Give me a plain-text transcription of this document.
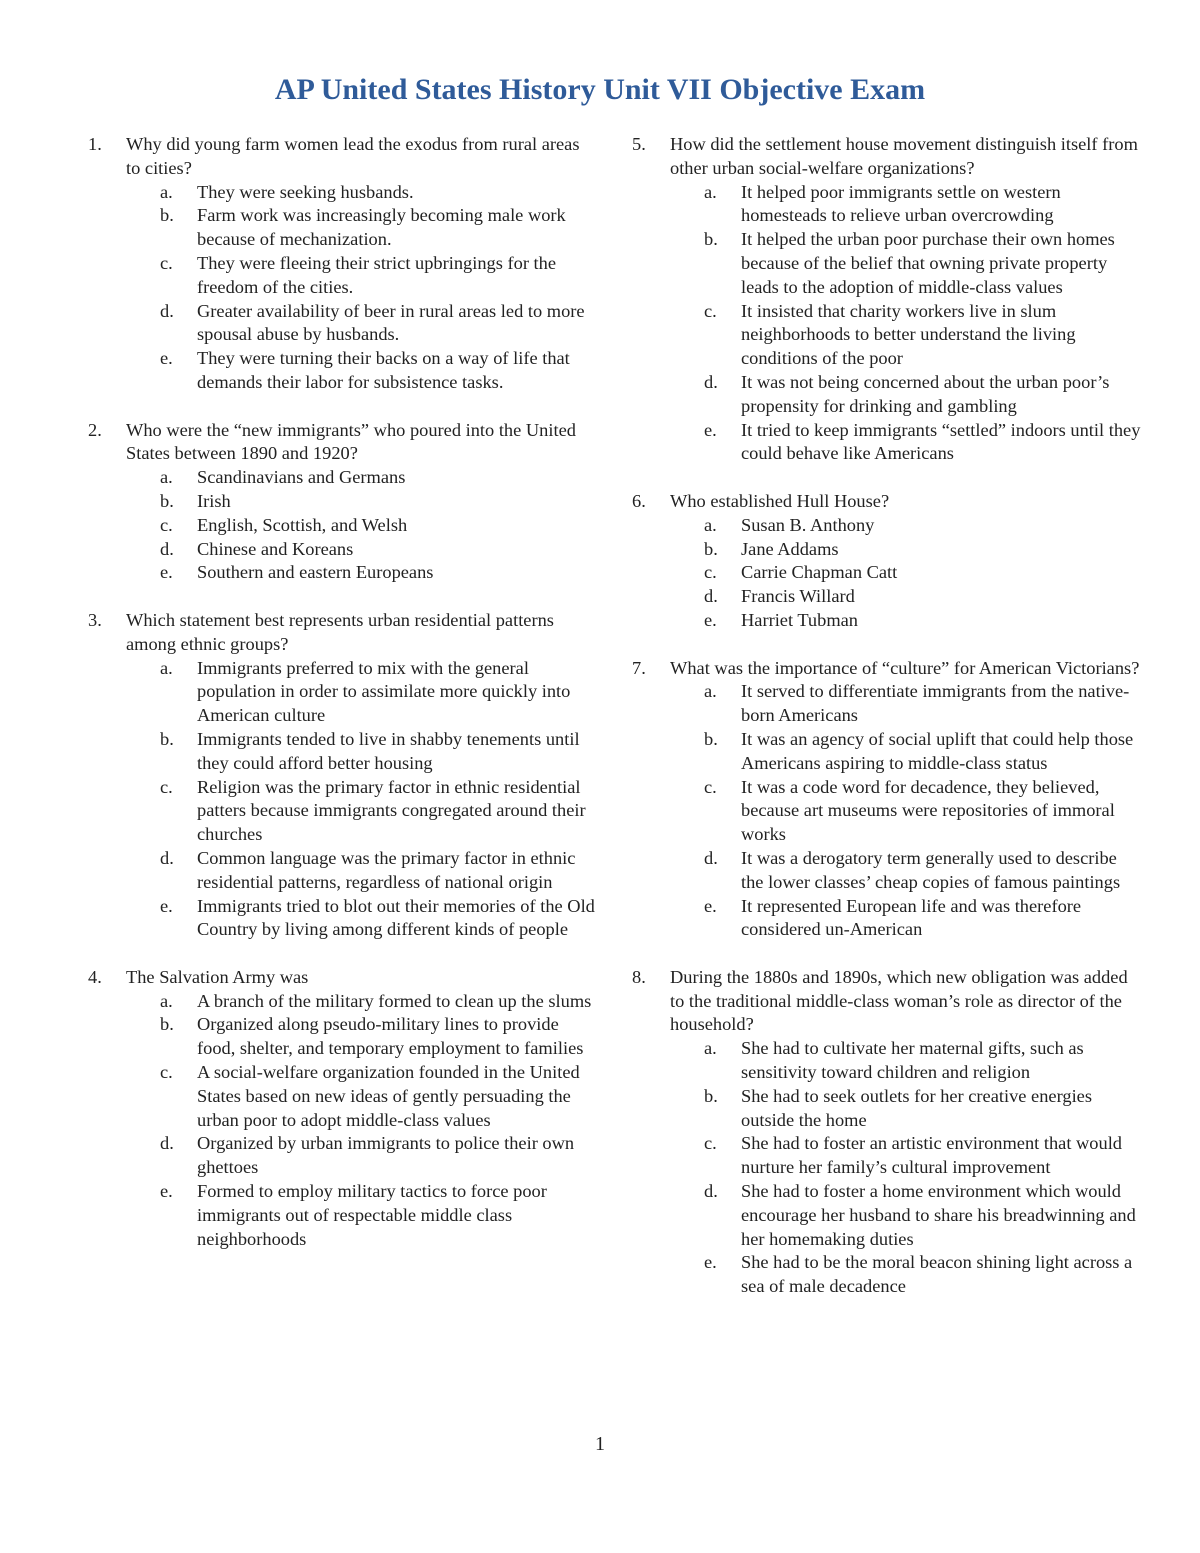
AP United States History Unit VII Objective Exam
1.	Why did young farm women lead the exodus from rural areas to cities?
a.	They were seeking husbands.
b.	Farm work was increasingly becoming male work because of mechanization.
c.	They were fleeing their strict upbringings for the freedom of the cities.
d.	Greater availability of beer in rural areas led to more spousal abuse by husbands.
e.	They were turning their backs on a way of life that demands their labor for subsistence tasks.
2.	Who were the “new immigrants” who poured into the United States between 1890 and 1920?
a.	Scandinavians and Germans
b.	Irish
c.	English, Scottish, and Welsh
d.	Chinese and Koreans
e.	Southern and eastern Europeans
3.	Which statement best represents urban residential patterns among ethnic groups?
a.	Immigrants preferred to mix with the general population in order to assimilate more quickly into American culture
b.	Immigrants tended to live in shabby tenements until they could afford better housing
c.	Religion was the primary factor in ethnic residential patters because immigrants congregated around their churches
d.	Common language was the primary factor in ethnic residential patterns, regardless of national origin
e.	Immigrants tried to blot out their memories of the Old Country by living among different kinds of people
4.	The Salvation Army was
a.	A branch of the military formed to clean up the slums
b.	Organized along pseudo-military lines to provide food, shelter, and temporary employment to families
c.	A social-welfare organization founded in the United States based on new ideas of gently persuading the urban poor to adopt middle-class values
d.	Organized by urban immigrants to police their own ghettoes
e.	Formed to employ military tactics to force poor immigrants out of respectable middle class neighborhoods
5.	How did the settlement house movement distinguish itself from other urban social-welfare organizations?
a.	It helped poor immigrants settle on western homesteads to relieve urban overcrowding
b.	It helped the urban poor purchase their own homes because of the belief that owning private property leads to the adoption of middle-class values
c.	It insisted that charity workers live in slum neighborhoods to better understand the living conditions of the poor
d.	It was not being concerned about the urban poor’s propensity for drinking and gambling
e.	It tried to keep immigrants “settled” indoors until they could behave like Americans
6.	Who established Hull House?
a.	Susan B. Anthony
b.	Jane Addams
c.	Carrie Chapman Catt
d.	Francis Willard
e.	Harriet Tubman
7.	What was the importance of “culture” for American Victorians?
a.	It served to differentiate immigrants from the native-born Americans
b.	It was an agency of social uplift that could help those Americans aspiring to middle-class status
c.	It was a code word for decadence, they believed, because art museums were repositories of immoral works
d.	It was a derogatory term generally used to describe the lower classes’ cheap copies of famous paintings
e.	It represented European life and was therefore considered un-American
8.	During the 1880s and 1890s, which new obligation was added to the traditional middle-class woman’s role as director of the household?
a.	She had to cultivate her maternal gifts, such as sensitivity toward children and religion
b.	She had to seek outlets for her creative energies outside the home
c.	She had to foster an artistic environment that would nurture her family’s cultural improvement
d.	She had to foster a home environment which would encourage her husband to share his breadwinning and her homemaking duties
e.	She had to be the moral beacon shining light across a sea of male decadence
1
